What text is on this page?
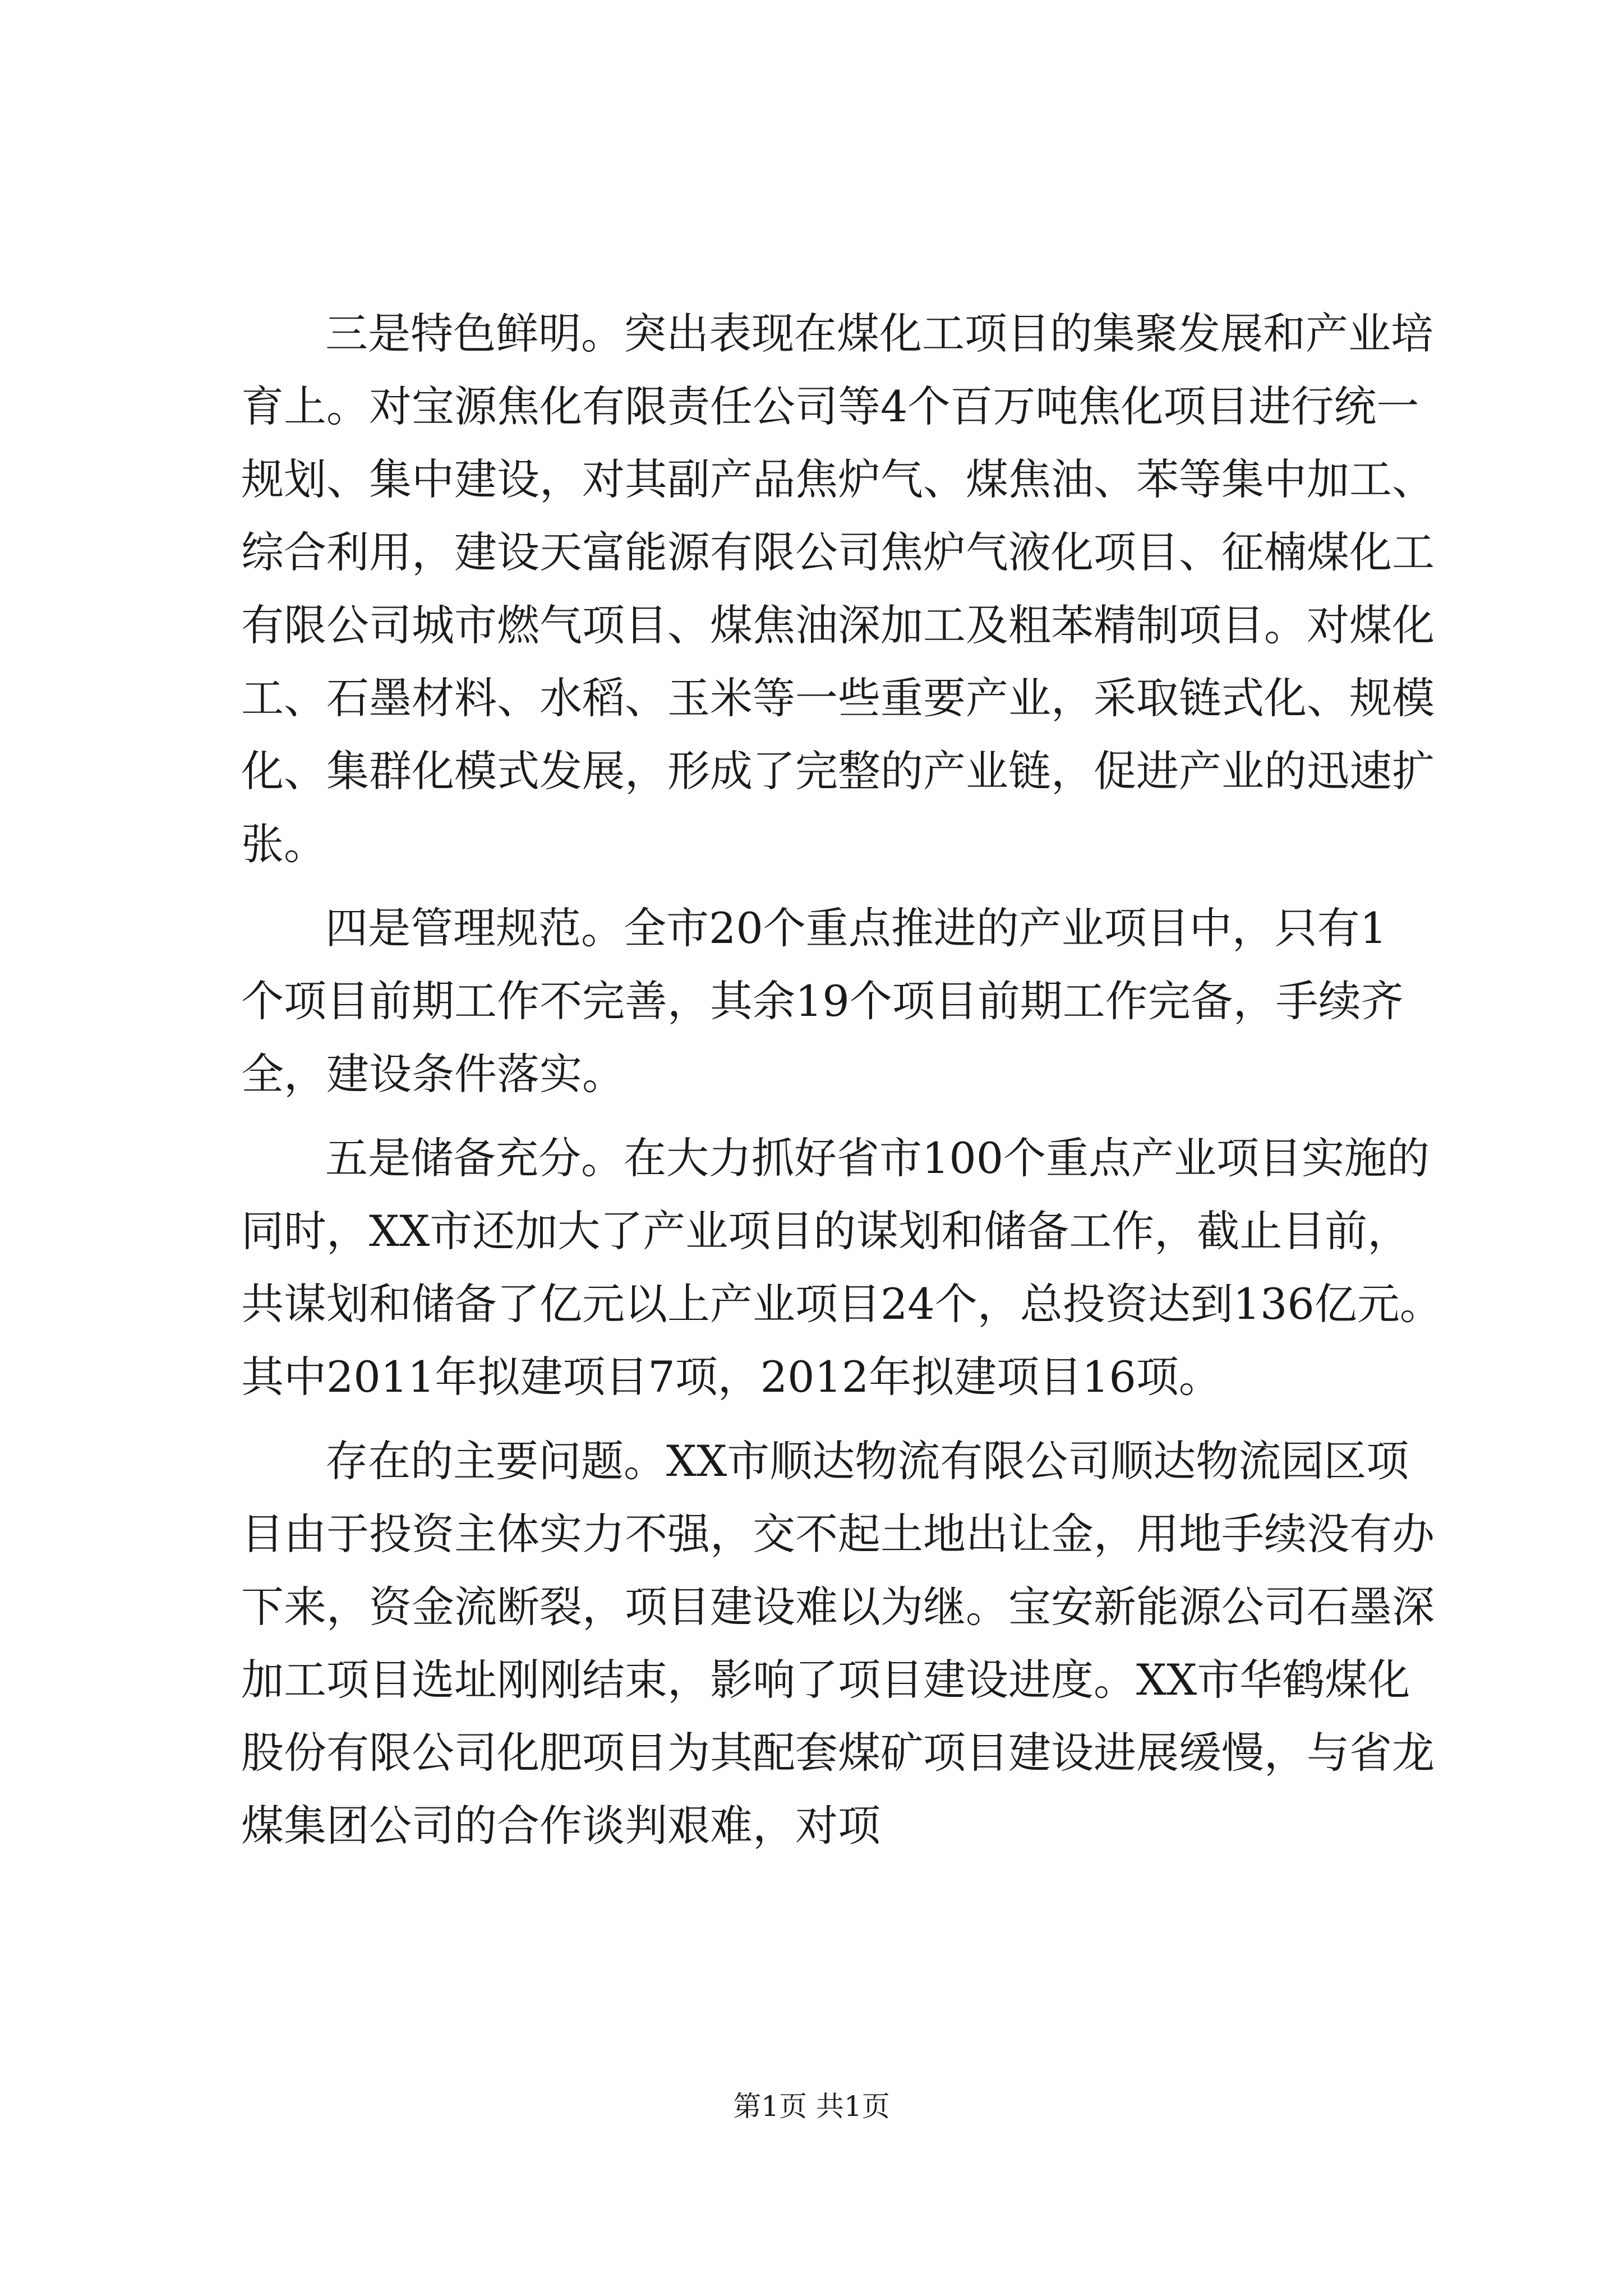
三是特色鲜明。突出表现在煤化工项目的集聚发展和产业培
育上。对宝源焦化有限责任公司等4个百万吨焦化项目进行统一
规划、集中建设，对其副产品焦炉气、煤焦油、苯等集中加工、
综合利用，建设天富能源有限公司焦炉气液化项目、征楠煤化工
有限公司城市燃气项目、煤焦油深加工及粗苯精制项目。对煤化
工、石墨材料、水稻、玉米等一些重要产业，采取链式化、规模
化、集群化模式发展，形成了完整的产业链，促进产业的迅速扩
张。
四是管理规范。全市20个重点推进的产业项目中，只有1
个项目前期工作不完善，其余19个项目前期工作完备，手续齐
全，建设条件落实。
五是储备充分。在大力抓好省市100个重点产业项目实施的
同时，XX市还加大了产业项目的谋划和储备工作，截止目前，
共谋划和储备了亿元以上产业项目24个，总投资达到136亿元。
其中2011年拟建项目7项，2012年拟建项目16项。
存在的主要问题。XX市顺达物流有限公司顺达物流园区项
目由于投资主体实力不强，交不起土地出让金，用地手续没有办
下来，资金流断裂，项目建设难以为继。宝安新能源公司石墨深
加工项目选址刚刚结束，影响了项目建设进度。XX市华鹤煤化
股份有限公司化肥项目为其配套煤矿项目建设进展缓慢，与省龙
煤集团公司的合作谈判艰难，对项
第1页 共1页
